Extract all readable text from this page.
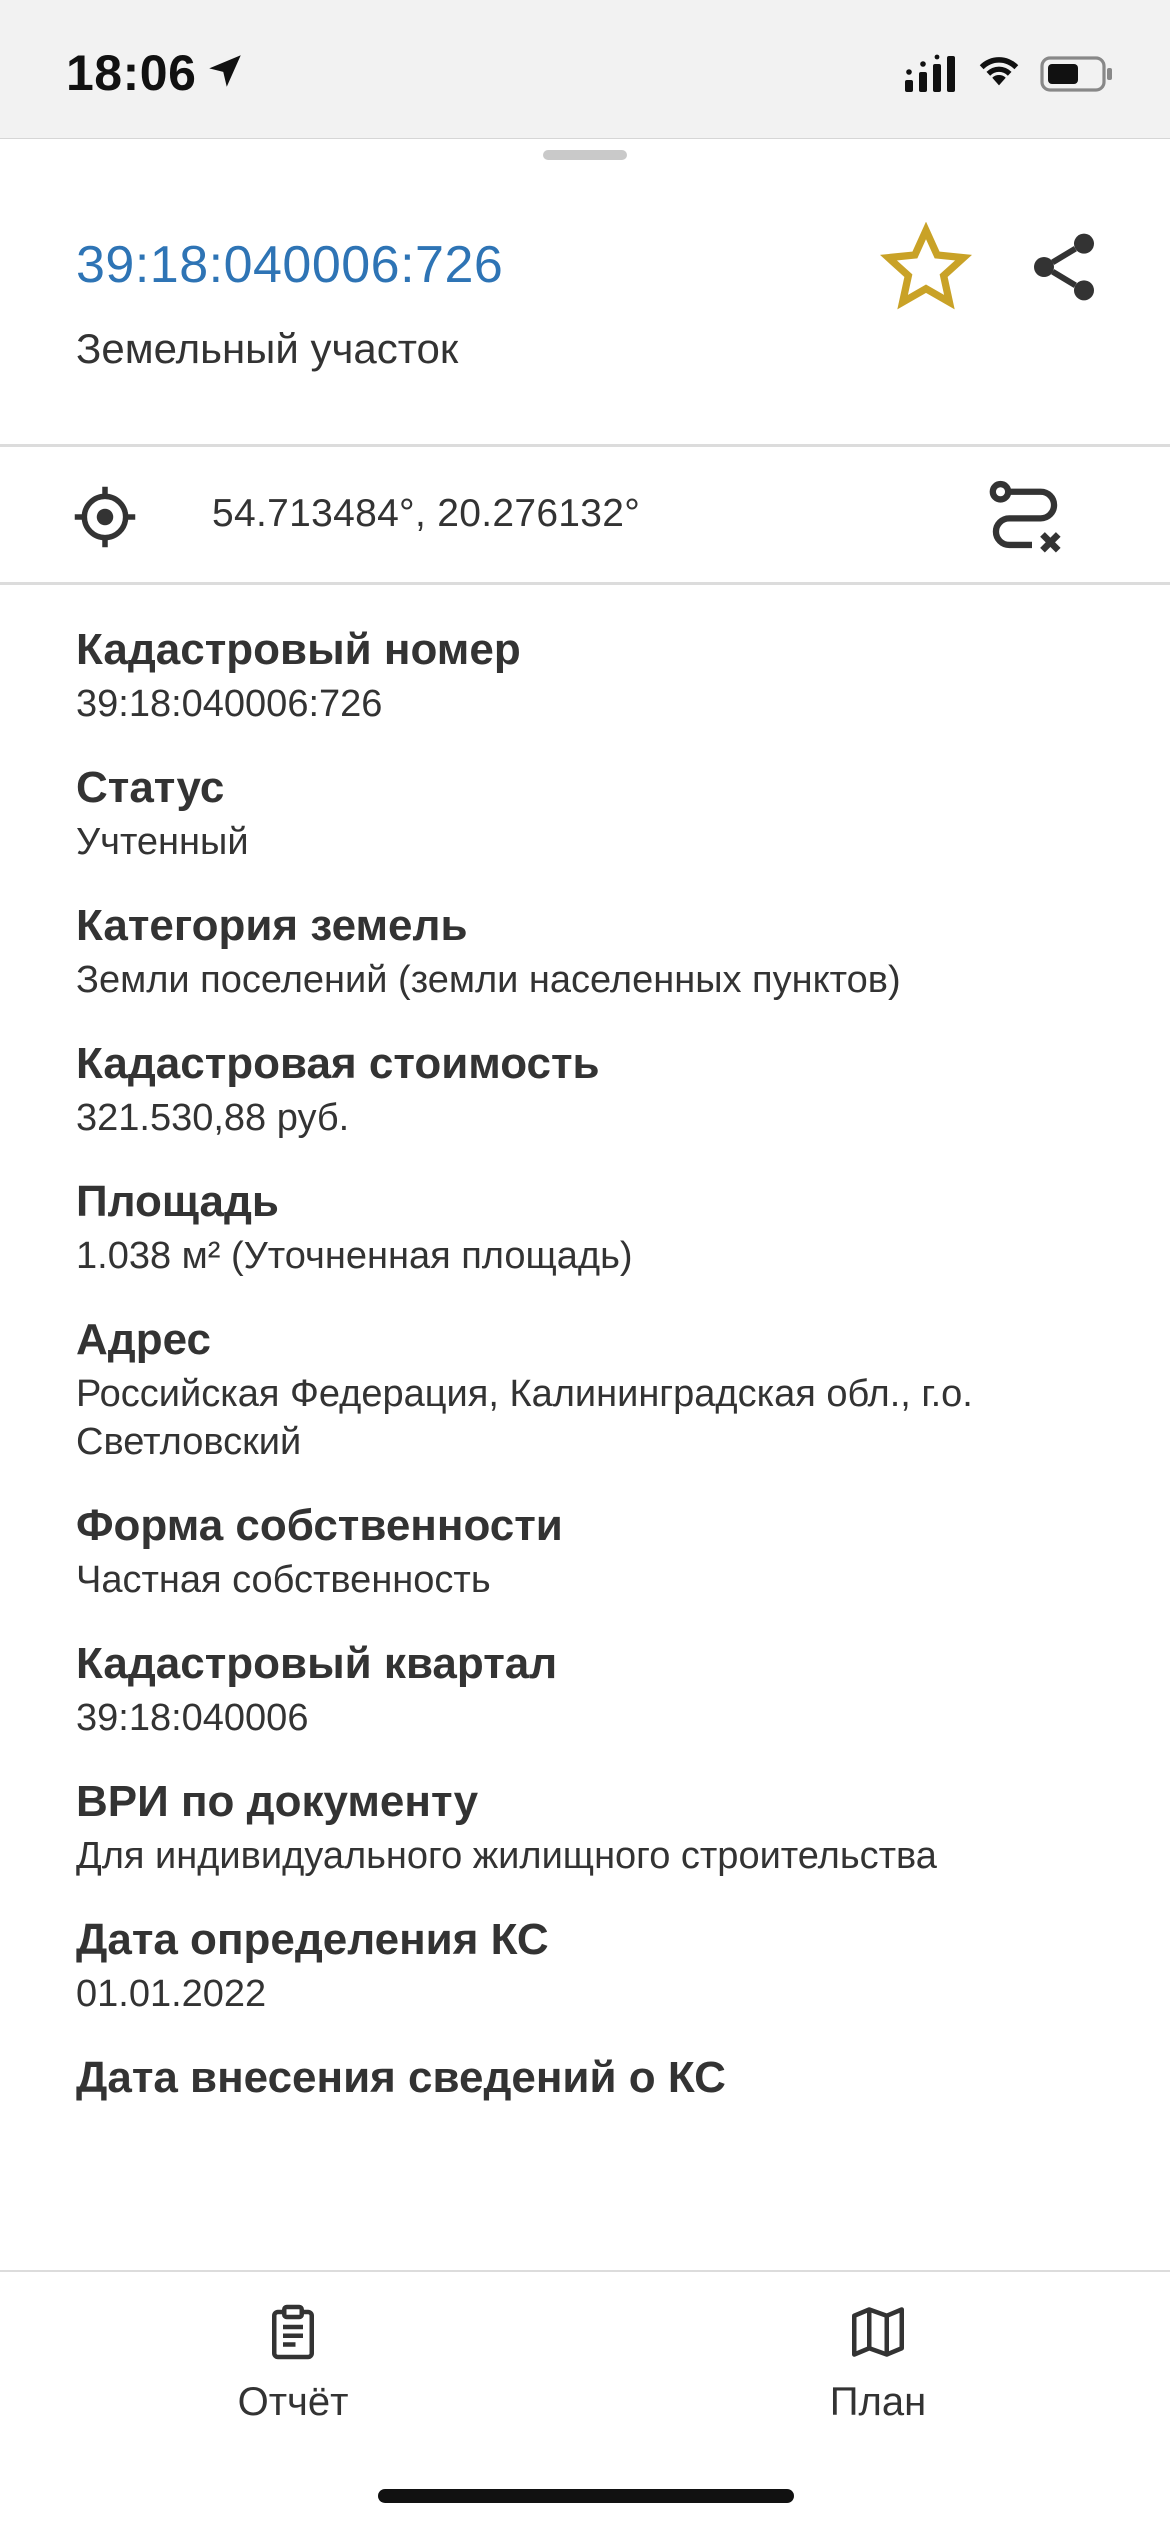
18:06
39:18:040006:726
Земельный участок
54.713484°, 20.276132°
Кадастровый номер
39:18:040006:726
Статус
Учтенный
Категория земель
Земли поселений (земли населенных пунктов)
Кадастровая стоимость
321.530,88 руб.
Площадь
1.038 м² (Уточненная площадь)
Адрес
Российская Федерация, Калининградская обл., г.о. Светловский
Форма собственности
Частная собственность
Кадастровый квартал
39:18:040006
ВРИ по документу
Для индивидуального жилищного строительства
Дата определения КС
01.01.2022
Дата внесения сведений о КС
Отчёт	План
